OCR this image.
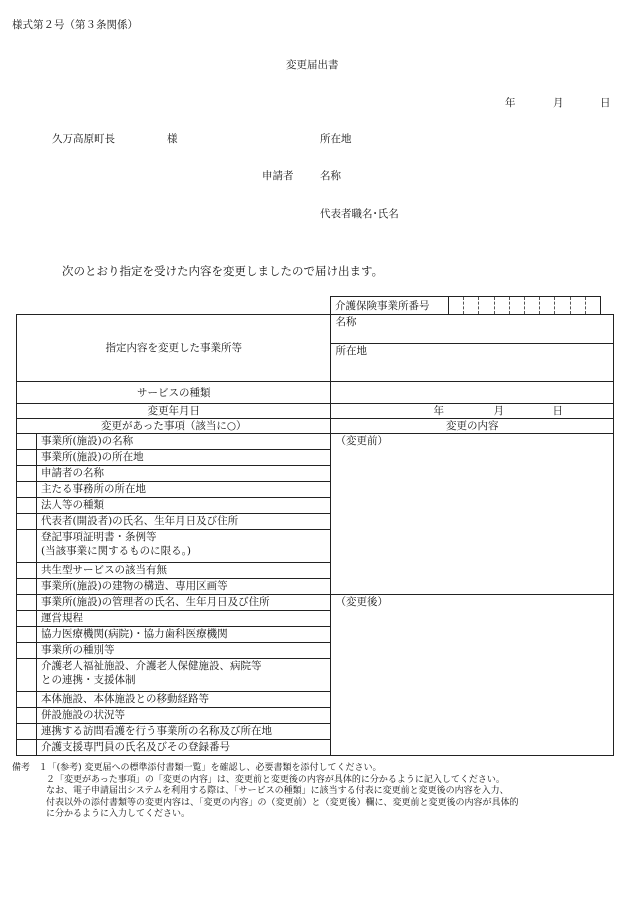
様式第２号（第３条関係）
変更届出書
年	月	日
久万高原町長	様	所在地
申請者	名称
代表者職名･氏名
次のとおり指定を受けた内容を変更しましたので届け出ます。
介護保険事業所番号	
指定内容を変更した事業所等		名称
		所在地
サービスの種類		
変更年月日		年 月 日

変更があった事項（該当に○）		変更の内容
	事業所(施設)の名称	（変更前）
	事業所(施設)の所在地	
	申請者の名称	
	主たる事務所の所在地	
	法人等の種類	
	代表者(開設者)の氏名、生年月日及び住所	

	登記事項証明書・条例等
(当該事業に関するものに限る。)	

	共生型サービスの該当有無	
	事業所(施設)の建物の構造、専用区画等	
	事業所(施設)の管理者の氏名、生年月日及び住所	（変更後）
	運営規程	
	協力医療機関(病院)・協力歯科医療機関	
	事業所の種別等	

	介護老人福祉施設、介護老人保健施設、病院等
との連携・支援体制	

	本体施設、本体施設との移動経路等	
	併設施設の状況等	
	連携する訪問看護を行う事業所の名称及び所在地	
	介護支援専門員の氏名及びその登録番号	

備考 １「(参考) 変更届への標準添付書類一覧」を確認し、必要書類を添付してください。

２「変更があった事項」の「変更の内容」は、変更前と変更後の内容が具体的に分かるように記入してください。

なお、電子申請届出システムを利用する際は、「サービスの種類」に該当する付表に変更前と変更後の内容を入力、

付表以外の添付書類等の変更内容は、「変更の内容」の（変更前）と（変更後）欄に、変更前と変更後の内容が具体的

に分かるように入力してください。
